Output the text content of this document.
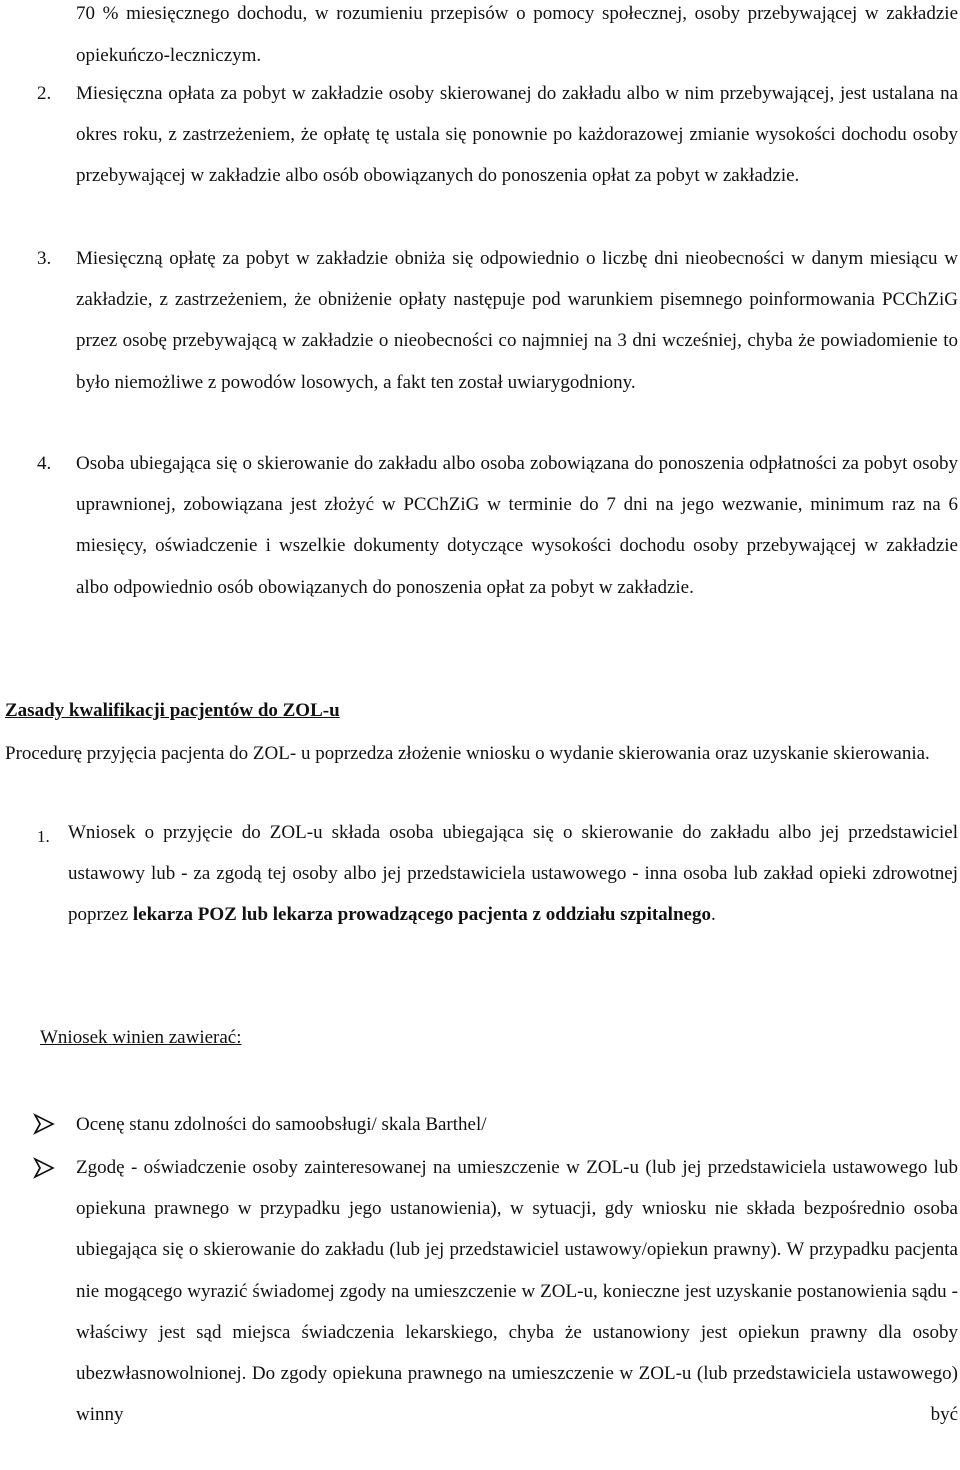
70 % miesięcznego dochodu, w rozumieniu przepisów o pomocy społecznej, osoby przebywającej w zakładzie opiekuńczo-leczniczym.
2. Miesięczna opłata za pobyt w zakładzie osoby skierowanej do zakładu albo w nim przebywającej, jest ustalana na okres roku, z zastrzeżeniem, że opłatę tę ustala się ponownie po każdorazowej zmianie wysokości dochodu osoby przebywającej w zakładzie albo osób obowiązanych do ponoszenia opłat za pobyt w zakładzie.
3. Miesięczną opłatę za pobyt w zakładzie obniża się odpowiednio o liczbę dni nieobecności w danym miesiącu w zakładzie, z zastrzeżeniem, że obniżenie opłaty następuje pod warunkiem pisemnego poinformowania PCChZiG przez osobę przebywającą w zakładzie o nieobecności co najmniej na 3 dni wcześniej, chyba że powiadomienie to było niemożliwe z powodów losowych, a fakt ten został uwiarygodniony.
4. Osoba ubiegająca się o skierowanie do zakładu albo osoba zobowiązana do ponoszenia odpłatności za pobyt osoby uprawnionej, zobowiązana jest złożyć w PCChZiG w terminie do 7 dni na jego wezwanie, minimum raz na 6 miesięcy, oświadczenie i wszelkie dokumenty dotyczące wysokości dochodu osoby przebywającej w zakładzie albo odpowiednio osób obowiązanych do ponoszenia opłat za pobyt w zakładzie.
Zasady kwalifikacji pacjentów do ZOL-u
Procedurę przyjęcia pacjenta do ZOL- u poprzedza złożenie wniosku o wydanie skierowania oraz uzyskanie skierowania.
1. Wniosek o przyjęcie do ZOL-u składa osoba ubiegająca się o skierowanie do zakładu albo jej przedstawiciel ustawowy lub - za zgodą tej osoby albo jej przedstawiciela ustawowego - inna osoba lub zakład opieki zdrowotnej poprzez lekarza POZ lub lekarza prowadzącego pacjenta z oddziału szpitalnego.
Wniosek winien zawierać:
Ocenę stanu zdolności do samoobsługi/ skala Barthel/
Zgodę - oświadczenie osoby zainteresowanej na umieszczenie w ZOL-u (lub jej przedstawiciela ustawowego lub opiekuna prawnego w przypadku jego ustanowienia), w sytuacji, gdy wniosku nie składa bezpośrednio osoba ubiegająca się o skierowanie do zakładu (lub jej przedstawiciel ustawowy/opiekun prawny). W przypadku pacjenta nie mogącego wyrazić świadomej zgody na umieszczenie w ZOL-u, konieczne jest uzyskanie postanowienia sądu - właściwy jest sąd miejsca świadczenia lekarskiego, chyba że ustanowiony jest opiekun prawny dla osoby ubezwłasnowolnionej. Do zgody opiekuna prawnego na umieszczenie w ZOL-u (lub przedstawiciela ustawowego) winny być
